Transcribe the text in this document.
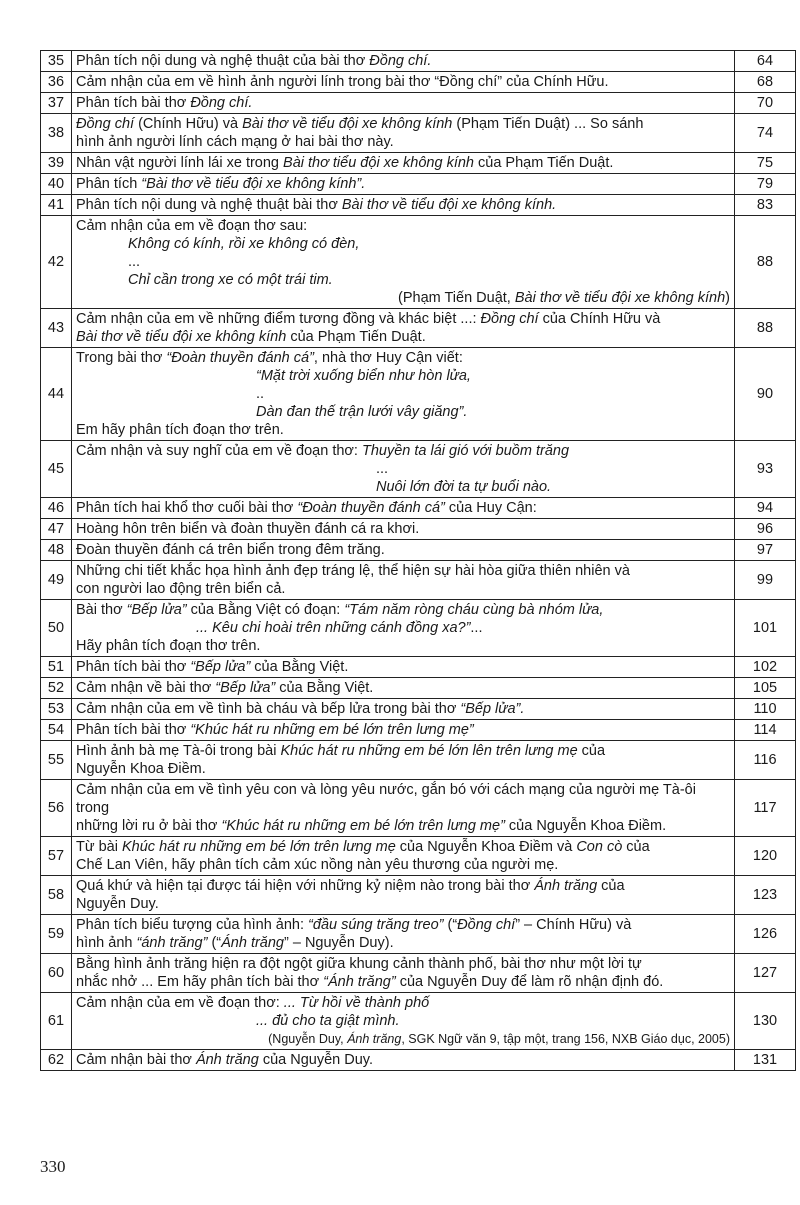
35	Phân tích nội dung và nghệ thuật của bài thơ Đồng chí.	64
36	Cảm nhận của em về hình ảnh người lính trong bài thơ “Đồng chí” của Chính Hữu.	68
37	Phân tích bài thơ Đồng chí.	70
38	Đồng chí (Chính Hữu) và Bài thơ về tiểu đội xe không kính (Phạm Tiến Duật) ... So sánh
hình ảnh người lính cách mạng ở hai bài thơ này.	74
39	Nhân vật người lính lái xe trong Bài thơ tiểu đội xe không kính của Phạm Tiến Duật.	75
40	Phân tích “Bài thơ về tiểu đội xe không kính”.	79
41	Phân tích nội dung và nghệ thuật bài thơ Bài thơ về tiểu đội xe không kính.	83
42	Cảm nhận của em về đoạn thơ sau:
Không có kính, rồi xe không có đèn,
...
Chỉ cần trong xe có một trái tim.
(Phạm Tiến Duật, Bài thơ về tiểu đội xe không kính)	88
43	Cảm nhận của em về những điểm tương đồng và khác biệt ...: Đồng chí của Chính Hữu và
Bài thơ về tiểu đội xe không kính của Phạm Tiến Duật.	88
44	Trong bài thơ “Đoàn thuyền đánh cá”, nhà thơ Huy Cận viết:
“Mặt trời xuống biển như hòn lửa,
..
Dàn đan thế trận lưới vây giăng”.
Em hãy phân tích đoạn thơ trên.	90
45	Cảm nhận và suy nghĩ của em về đoạn thơ: Thuyền ta lái gió với buồm trăng
...
Nuôi lớn đời ta tự buổi nào.	93
46	Phân tích hai khổ thơ cuối bài thơ “Đoàn thuyền đánh cá” của Huy Cận:	94
47	Hoàng hôn trên biển và đoàn thuyền đánh cá ra khơi.	96
48	Đoàn thuyền đánh cá trên biển trong đêm trăng.	97
49	Những chi tiết khắc họa hình ảnh đẹp tráng lệ, thể hiện sự hài hòa giữa thiên nhiên và
con người lao động trên biển cả.	99
50	Bài thơ “Bếp lửa” của Bằng Việt có đoạn: “Tám năm ròng cháu cùng bà nhóm lửa,
... Kêu chi hoài trên những cánh đồng xa?”...
Hãy phân tích đoạn thơ trên.	101
51	Phân tích bài thơ “Bếp lửa” của Bằng Việt.	102
52	Cảm nhận về bài thơ “Bếp lửa” của Bằng Việt.	105
53	Cảm nhận của em về tình bà cháu và bếp lửa trong bài thơ “Bếp lửa”.	110
54	Phân tích bài thơ “Khúc hát ru những em bé lớn trên lưng mẹ”	114
55	Hình ảnh bà mẹ Tà-ôi trong bài Khúc hát ru những em bé lớn lên trên lưng mẹ của
Nguyễn Khoa Điềm.	116
56	Cảm nhận của em về tình yêu con và lòng yêu nước, gắn bó với cách mạng của người mẹ Tà-ôi trong
những lời ru ở bài thơ “Khúc hát ru những em bé lớn trên lưng mẹ” của Nguyễn Khoa Điềm.	117
57	Từ bài Khúc hát ru những em bé lớn trên lưng mẹ của Nguyễn Khoa Điềm và Con cò của
Chế Lan Viên, hãy phân tích cảm xúc nồng nàn yêu thương của người mẹ.	120
58	Quá khứ và hiện tại được tái hiện với những kỷ niệm nào trong bài thơ Ánh trăng của
Nguyễn Duy.	123
59	Phân tích biểu tượng của hình ảnh: “đầu súng trăng treo” (“Đồng chí” – Chính Hữu) và
hình ảnh “ánh trăng” (“Ánh trăng” – Nguyễn Duy).	126
60	Bằng hình ảnh trăng hiện ra đột ngột giữa khung cảnh thành phố, bài thơ như một lời tự
nhắc nhở ... Em hãy phân tích bài thơ “Ánh trăng” của Nguyễn Duy để làm rõ nhận định đó.	127
61	Cảm nhận của em về đoạn thơ: ... Từ hồi về thành phố
... đủ cho ta giật mình.
(Nguyễn Duy, Ánh trăng, SGK Ngữ văn 9, tập một, trang 156, NXB Giáo dục, 2005)	130
62	Cảm nhận bài thơ Ánh trăng của Nguyễn Duy.	131
330
